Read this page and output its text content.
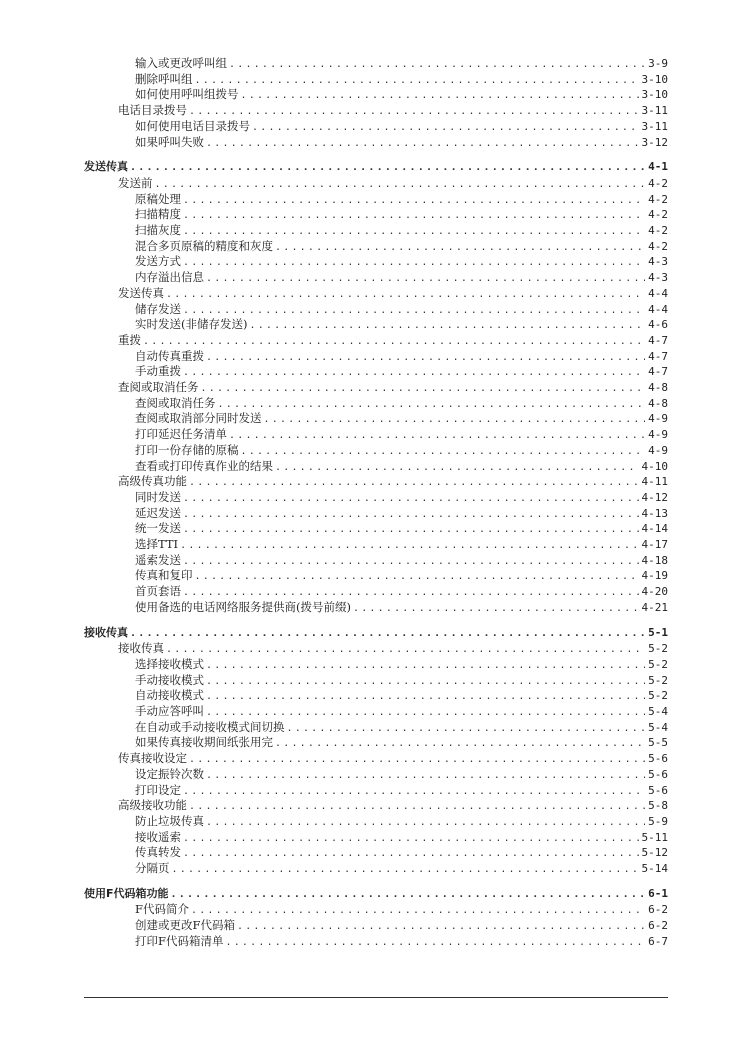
输入或更改呼叫组 .....	3-9
删除呼叫组 .....	3-10
如何使用呼叫组拨号 .....	3-10
电话目录拨号 .....	3-11
如何使用电话目录拨号 .....	3-11
如果呼叫失败 .....	3-12
发送传真 .....	4-1
发送前 .....	4-2
原稿处理 .....	4-2
扫描精度 .....	4-2
扫描灰度 .....	4-2
混合多页原稿的精度和灰度 .....	4-2
发送方式 .....	4-3
内存溢出信息 .....	4-3
发送传真 .....	4-4
储存发送 .....	4-4
实时发送(非储存发送) .....	4-6
重拨 .....	4-7
自动传真重拨 .....	4-7
手动重拨 .....	4-7
查阅或取消任务 .....	4-8
查阅或取消任务 .....	4-8
查阅或取消部分同时发送 .....	4-9
打印延迟任务清单 .....	4-9
打印一份存储的原稿 .....	4-9
查看或打印传真作业的结果 .....	4-10
高级传真功能 .....	4-11
同时发送 .....	4-12
延迟发送 .....	4-13
统一发送 .....	4-14
选择TTI .....	4-17
遥索发送 .....	4-18
传真和复印 .....	4-19
首页套语 .....	4-20
使用备选的电话网络服务提供商(拨号前缀) .....	4-21
接收传真 .....	5-1
接收传真 .....	5-2
选择接收模式 .....	5-2
手动接收模式 .....	5-2
自动接收模式 .....	5-2
手动应答呼叫 .....	5-4
在自动或手动接收模式间切换 .....	5-4
如果传真接收期间纸张用完 .....	5-5
传真接收设定 .....	5-6
设定振铃次数 .....	5-6
打印设定 .....	5-6
高级接收功能 .....	5-8
防止垃圾传真 .....	5-9
接收遥索 .....	5-11
传真转发 .....	5-12
分隔页 .....	5-14
使用F代码箱功能 .....	6-1
F代码简介 .....	6-2
创建或更改F代码箱 .....	6-2
打印F代码箱清单 .....	6-7
